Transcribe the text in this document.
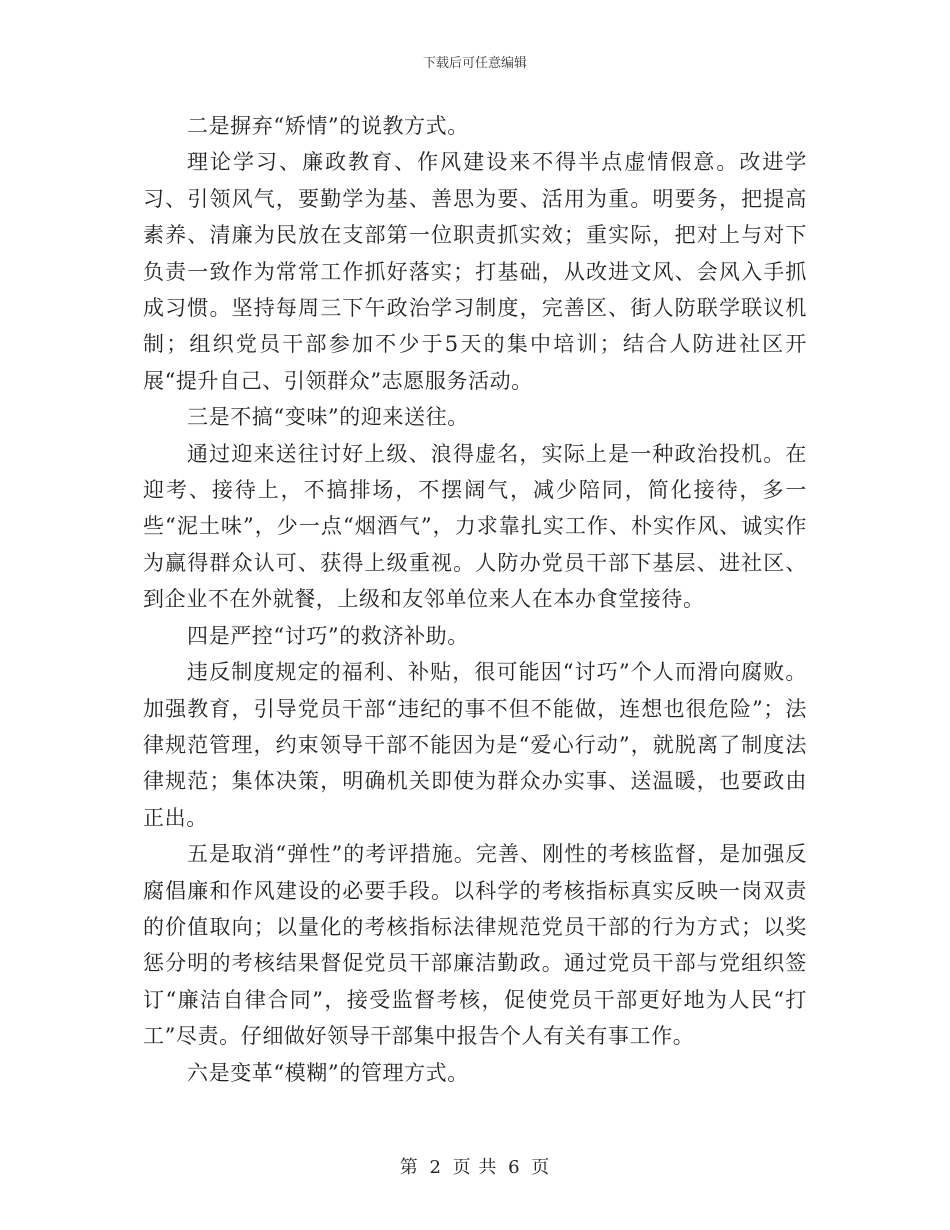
下载后可任意编辑

二是摒弃“矫情”的说教方式。

理论学习、廉政教育、作风建设来不得半点虚情假意。改进学习、引领风气，要勤学为基、善思为要、活用为重。明要务，把提高素养、清廉为民放在支部第一位职责抓实效；重实际，把对上与对下负责一致作为常常工作抓好落实；打基础，从改进文风、会风入手抓成习惯。坚持每周三下午政治学习制度，完善区、街人防联学联议机制；组织党员干部参加不少于5天的集中培训；结合人防进社区开展“提升自己、引领群众”志愿服务活动。

三是不搞“变味”的迎来送往。

通过迎来送往讨好上级、浪得虚名，实际上是一种政治投机。在迎考、接待上，不搞排场，不摆阔气，减少陪同，简化接待，多一些“泥土味”，少一点“烟酒气”，力求靠扎实工作、朴实作风、诚实作为赢得群众认可、获得上级重视。人防办党员干部下基层、进社区、到企业不在外就餐，上级和友邻单位来人在本办食堂接待。

四是严控“讨巧”的救济补助。

违反制度规定的福利、补贴，很可能因“讨巧”个人而滑向腐败。加强教育，引导党员干部“违纪的事不但不能做，连想也很危险”；法律规范管理，约束领导干部不能因为是“爱心行动”，就脱离了制度法律规范；集体决策，明确机关即使为群众办实事、送温暖，也要政由正出。

五是取消“弹性”的考评措施。完善、刚性的考核监督，是加强反腐倡廉和作风建设的必要手段。以科学的考核指标真实反映一岗双责的价值取向；以量化的考核指标法律规范党员干部的行为方式；以奖惩分明的考核结果督促党员干部廉洁勤政。通过党员干部与党组织签订“廉洁自律合同”，接受监督考核，促使党员干部更好地为人民“打工”尽责。仔细做好领导干部集中报告个人有关有事工作。

六是变革“模糊”的管理方式。

第 2 页 共 6 页
